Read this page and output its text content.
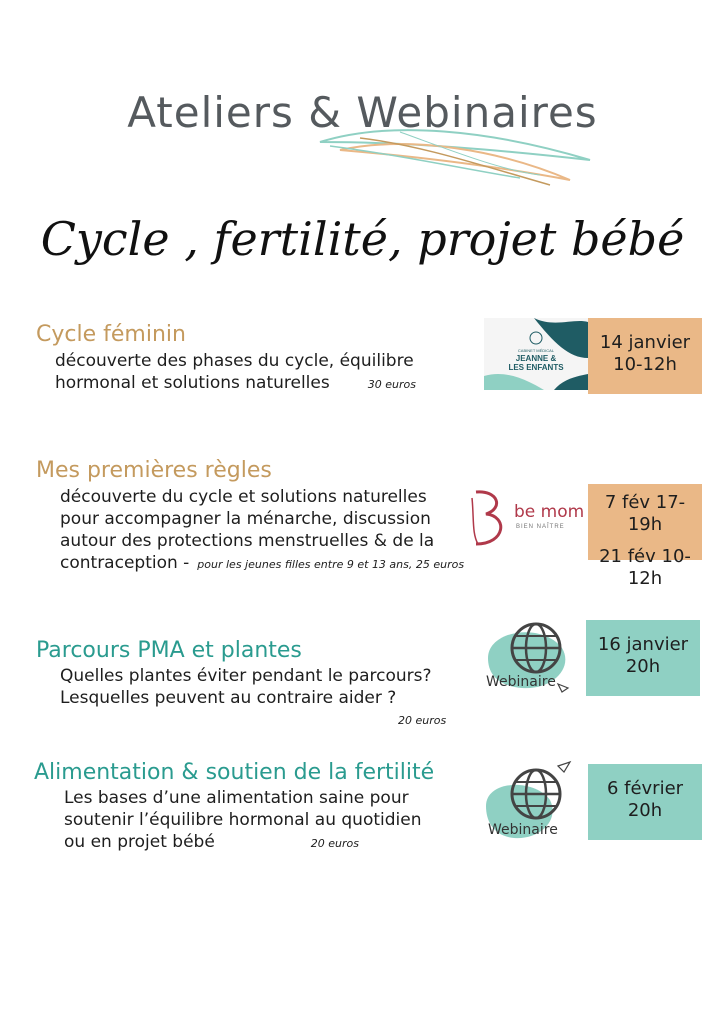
Ateliers & Webinaires
Cycle , fertilité, projet bébé
Cycle féminin
découverte des phases du cycle, équilibre
hormonal et solutions naturelles	30 euros
CABINET MÉDICAL
JEANNE &
LES ENFANTS
14 janvier
10-12h
Mes premières règles
découverte du cycle et solutions naturelles
pour accompagner la ménarche, discussion
autour des protections menstruelles & de la
contraception - pour les jeunes filles entre 9 et 13 ans, 25 euros
be mom
BIEN NAÎTRE
7 fév 17-19h
21 fév 10-12h
Parcours PMA et plantes
Quelles plantes éviter pendant le parcours?
Lesquelles peuvent au contraire aider ?
20 euros
Webinaire
16 janvier
20h
Alimentation & soutien de la fertilité
Les bases d’une alimentation saine pour
soutenir l’équilibre hormonal au quotidien
ou en projet bébé	20 euros
Webinaire
6 février
20h
